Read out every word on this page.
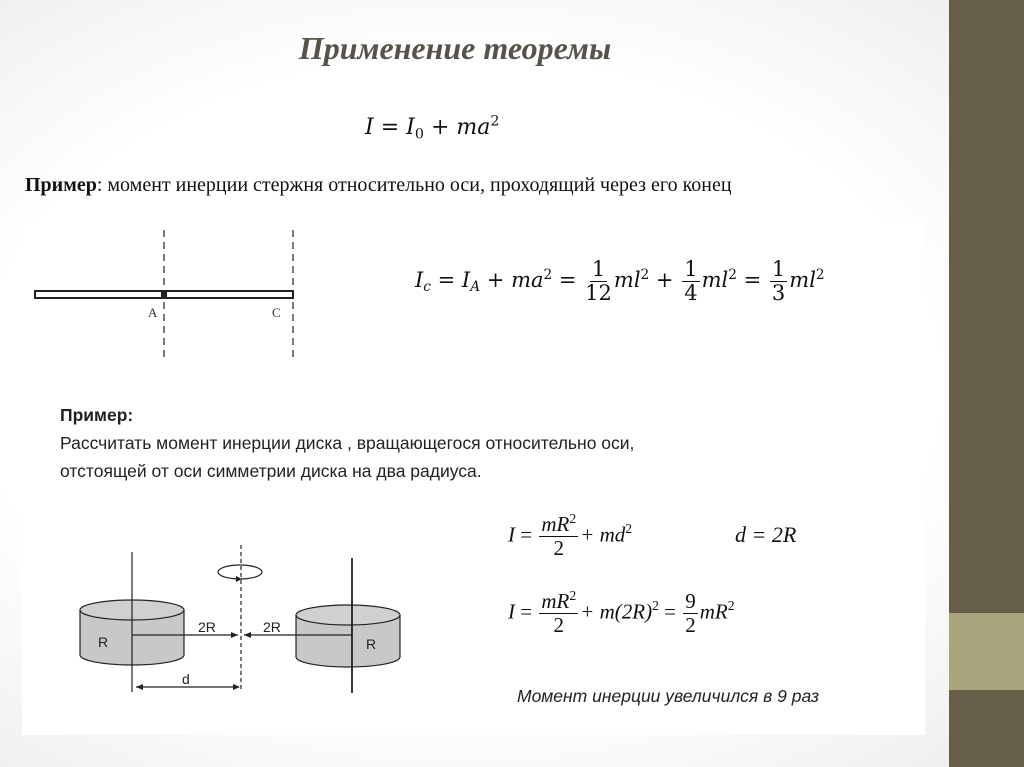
Применение теоремы
$I = I_0 + ma^2$
Пример: момент инерции стержня относительно оси, проходящий через его конец
A	C
$I_c = I_A + ma^2 = \frac{1}{12} ml^2 + \frac{1}{4} ml^2 = \frac{1}{3} ml^2$
Пример:
Рассчитать момент инерции диска , вращающегося относительно оси,
отстоящей от оси симметрии диска на два радиуса.
R	R
2R	2R
d
$I = \frac{mR^2}{2} + md^2$	d = 2R
$I = \frac{mR^2}{2} + m(2R)^2 = \frac{9}{2} mR^2$
Момент инерции увеличился в 9 раз
